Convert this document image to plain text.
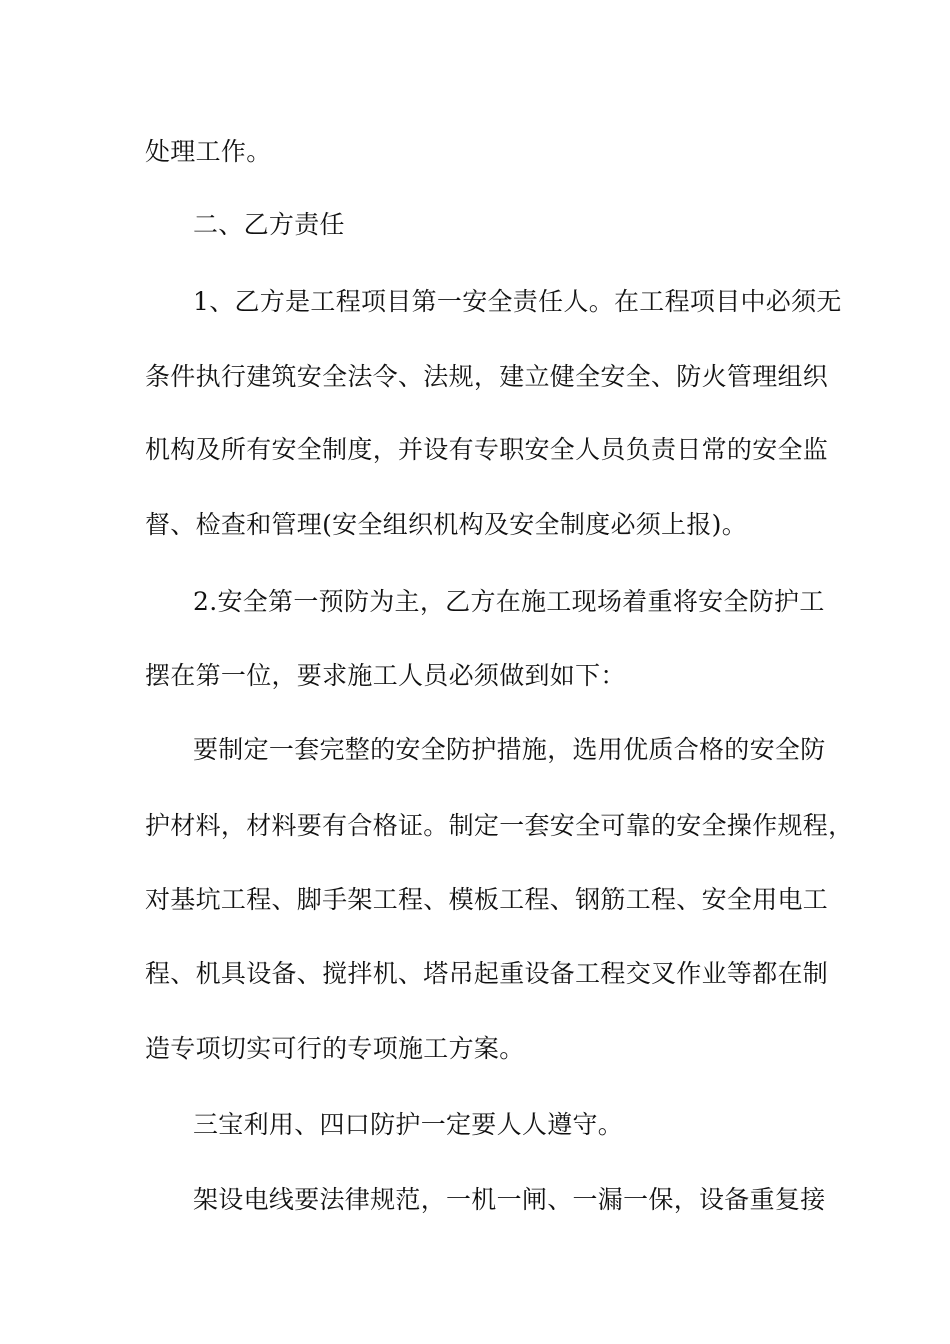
处理工作。
二、乙方责任
1、乙方是工程项目第一安全责任人。在工程项目中必须无
条件执行建筑安全法令、法规，建立健全安全、防火管理组织
机构及所有安全制度，并设有专职安全人员负责日常的安全监
督、检查和管理(安全组织机构及安全制度必须上报)。
2.安全第一预防为主，乙方在施工现场着重将安全防护工
摆在第一位，要求施工人员必须做到如下：
要制定一套完整的安全防护措施，选用优质合格的安全防
护材料，材料要有合格证。制定一套安全可靠的安全操作规程，
对基坑工程、脚手架工程、模板工程、钢筋工程、安全用电工
程、机具设备、搅拌机、塔吊起重设备工程交叉作业等都在制
造专项切实可行的专项施工方案。
三宝利用、四口防护一定要人人遵守。
架设电线要法律规范，一机一闸、一漏一保，设备重复接
